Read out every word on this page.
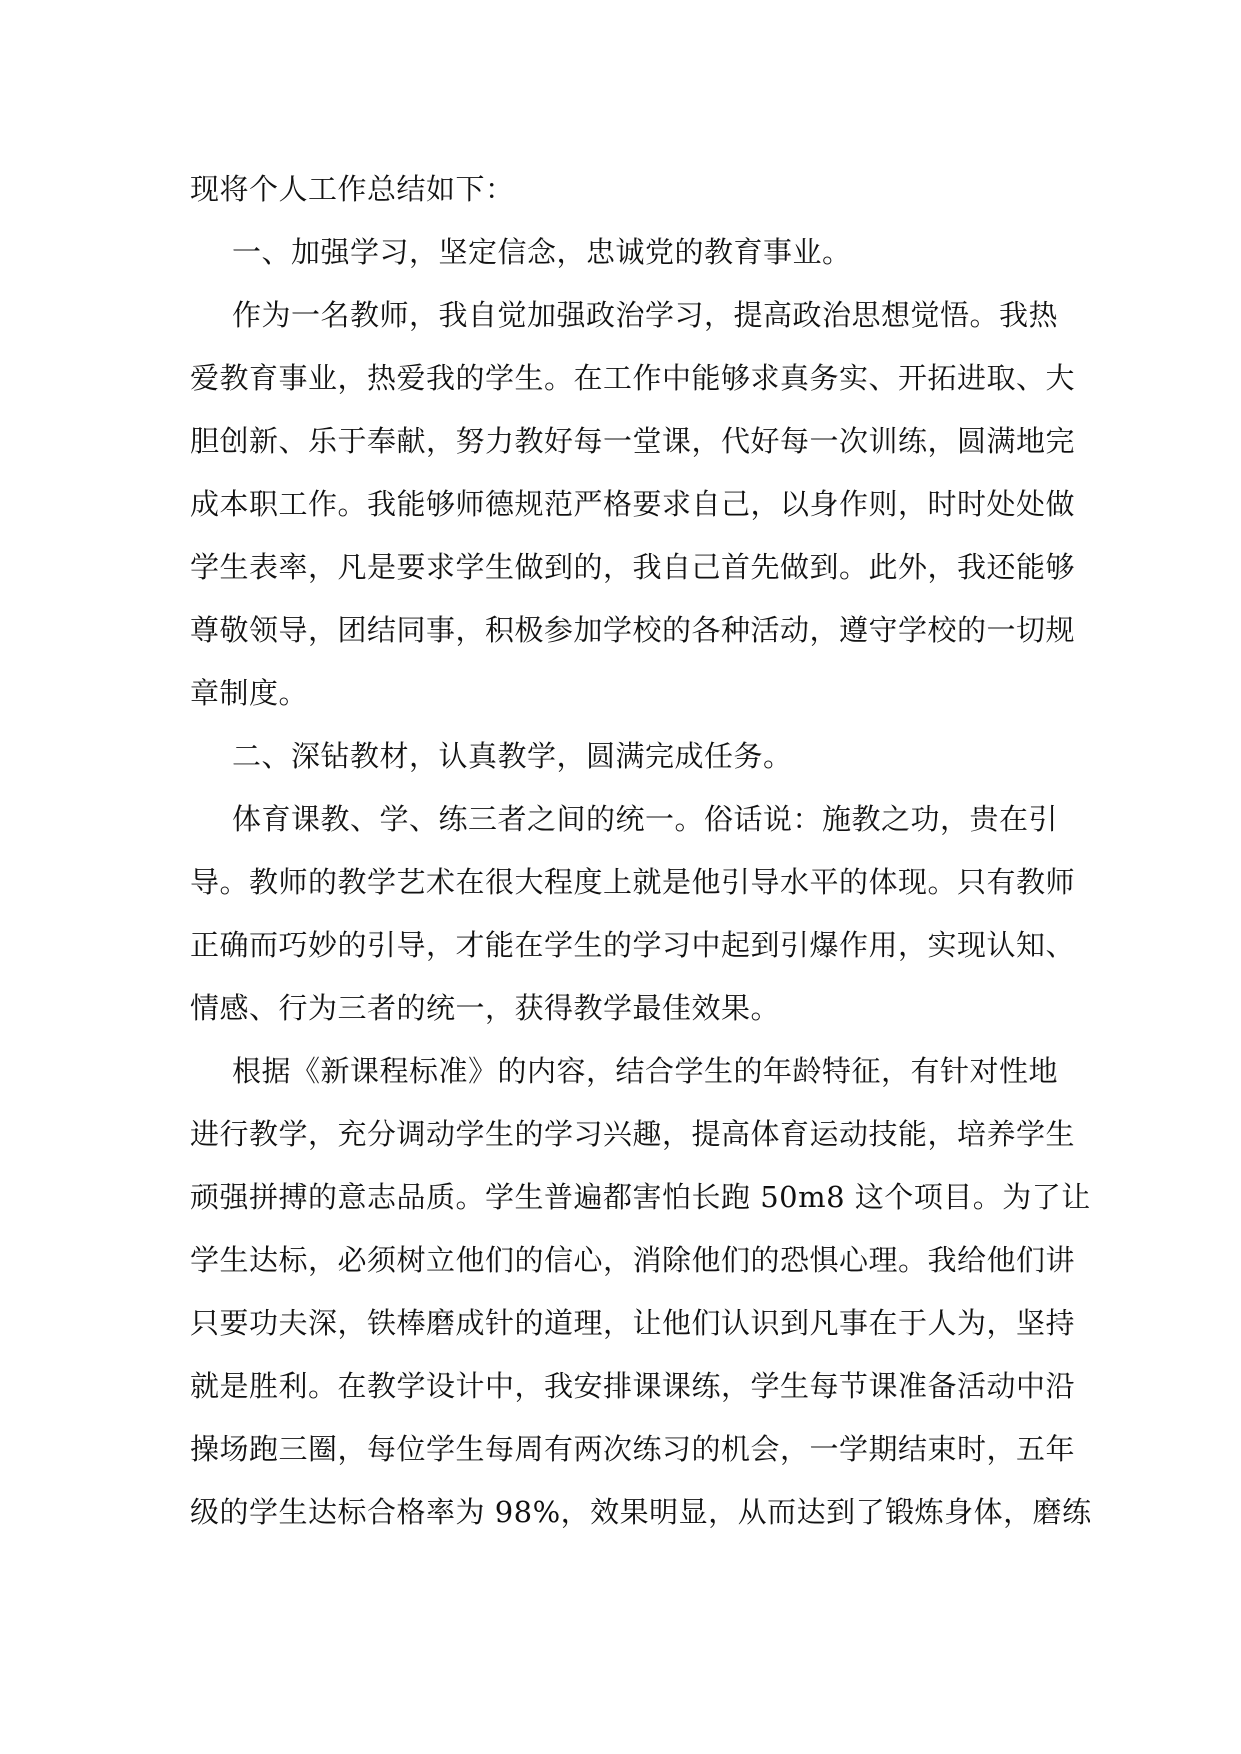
现将个人工作总结如下：
一、加强学习，坚定信念，忠诚党的教育事业。
作为一名教师，我自觉加强政治学习，提高政治思想觉悟。我热
爱教育事业，热爱我的学生。在工作中能够求真务实、开拓进取、大
胆创新、乐于奉献，努力教好每一堂课，代好每一次训练，圆满地完
成本职工作。我能够师德规范严格要求自己，以身作则，时时处处做
学生表率，凡是要求学生做到的，我自己首先做到。此外，我还能够
尊敬领导，团结同事，积极参加学校的各种活动，遵守学校的一切规
章制度。
二、深钻教材，认真教学，圆满完成任务。
体育课教、学、练三者之间的统一。俗话说：施教之功，贵在引
导。教师的教学艺术在很大程度上就是他引导水平的体现。只有教师
正确而巧妙的引导，才能在学生的学习中起到引爆作用，实现认知、
情感、行为三者的统一，获得教学最佳效果。
根据《新课程标准》的内容，结合学生的年龄特征，有针对性地
进行教学，充分调动学生的学习兴趣，提高体育运动技能，培养学生
顽强拼搏的意志品质。学生普遍都害怕长跑 50m8 这个项目。为了让
学生达标，必须树立他们的信心，消除他们的恐惧心理。我给他们讲
只要功夫深，铁棒磨成针的道理，让他们认识到凡事在于人为，坚持
就是胜利。在教学设计中，我安排课课练，学生每节课准备活动中沿
操场跑三圈，每位学生每周有两次练习的机会，一学期结束时，五年
级的学生达标合格率为 98%，效果明显，从而达到了锻炼身体，磨练
